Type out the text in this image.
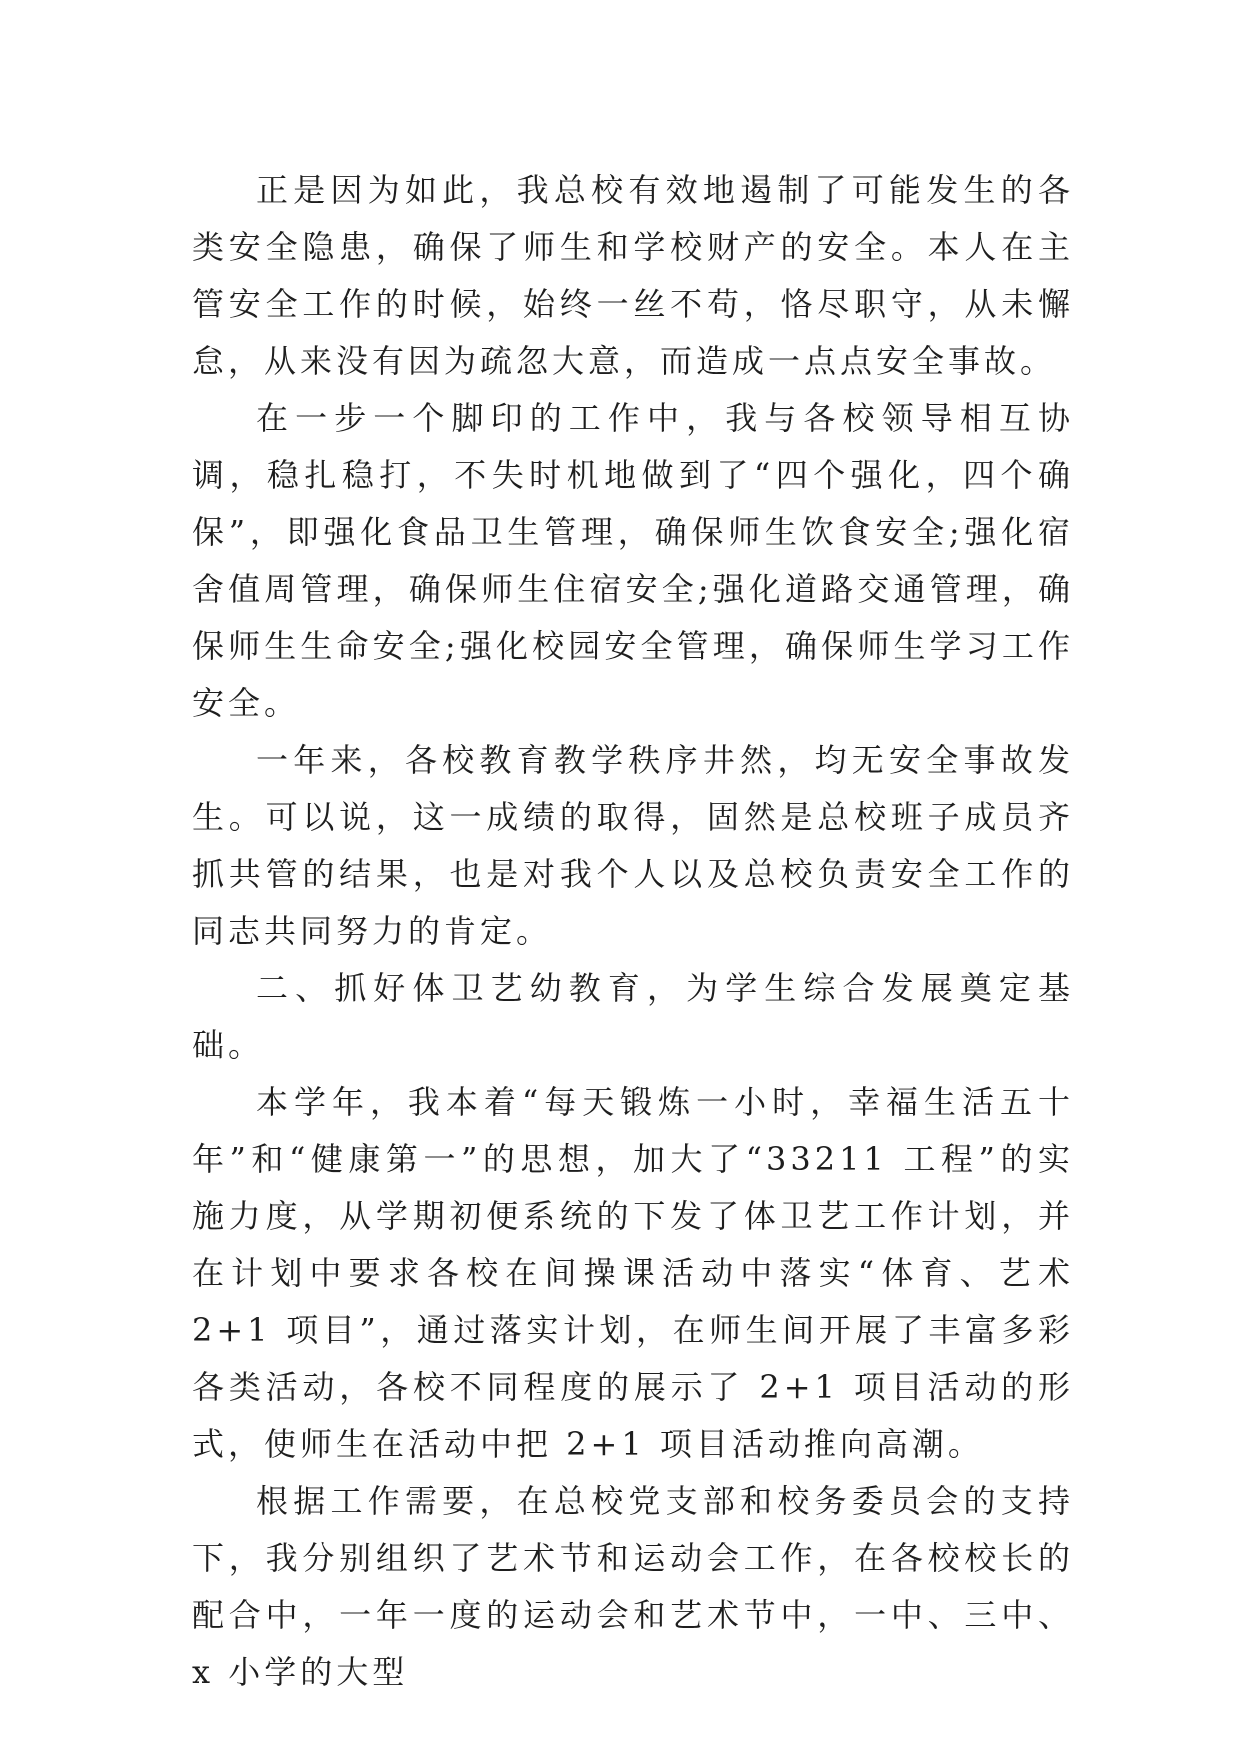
正是因为如此，我总校有效地遏制了可能发生的各类安全隐患，确保了师生和学校财产的安全。本人在主管安全工作的时候，始终一丝不苟，恪尽职守，从未懈怠，从来没有因为疏忽大意，而造成一点点安全事故。

在一步一个脚印的工作中，我与各校领导相互协调，稳扎稳打，不失时机地做到了“四个强化，四个确保”，即强化食品卫生管理，确保师生饮食安全;强化宿舍值周管理，确保师生住宿安全;强化道路交通管理，确保师生生命安全;强化校园安全管理，确保师生学习工作安全。

一年来，各校教育教学秩序井然，均无安全事故发生。可以说，这一成绩的取得，固然是总校班子成员齐抓共管的结果，也是对我个人以及总校负责安全工作的同志共同努力的肯定。

二、抓好体卫艺幼教育，为学生综合发展奠定基础。

本学年，我本着“每天锻炼一小时，幸福生活五十年”和“健康第一”的思想，加大了“33211 工程”的实施力度，从学期初便系统的下发了体卫艺工作计划，并在计划中要求各校在间操课活动中落实“体育、艺术 2+1 项目”，通过落实计划，在师生间开展了丰富多彩各类活动，各校不同程度的展示了 2+1 项目活动的形式，使师生在活动中把 2+1 项目活动推向高潮。

根据工作需要，在总校党支部和校务委员会的支持下，我分别组织了艺术节和运动会工作，在各校校长的配合中，一年一度的运动会和艺术节中，一中、三中、x 小学的大型
